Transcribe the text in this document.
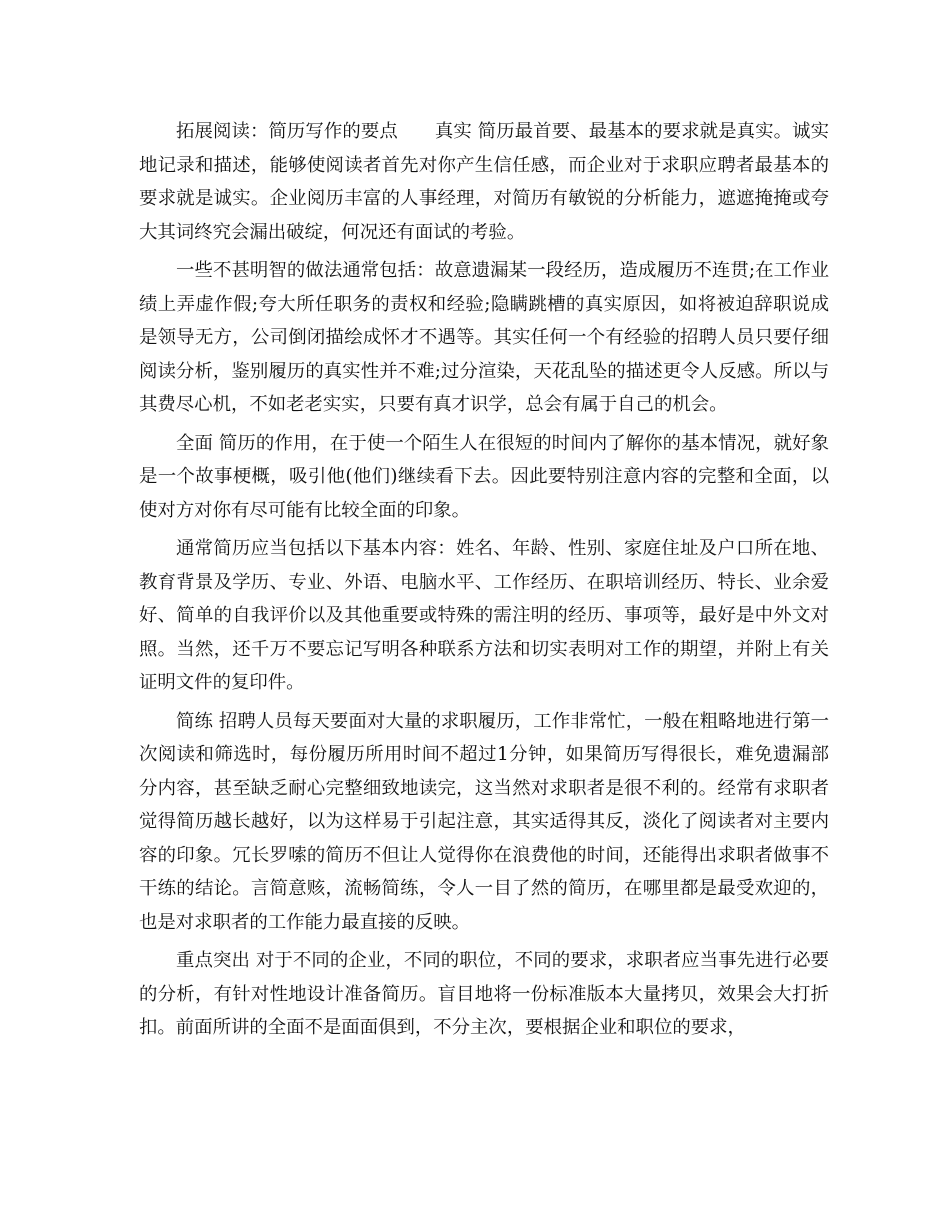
拓展阅读：简历写作的要点　　 真实 简历最首要、最基本的要求就是真实。诚实地记录和描述，能够使阅读者首先对你产生信任感，而企业对于求职应聘者最基本的要求就是诚实。企业阅历丰富的人事经理，对简历有敏锐的分析能力，遮遮掩掩或夸大其词终究会漏出破绽，何况还有面试的考验。

一些不甚明智的做法通常包括：故意遗漏某一段经历，造成履历不连贯;在工作业绩上弄虚作假;夸大所任职务的责权和经验;隐瞒跳槽的真实原因，如将被迫辞职说成是领导无方，公司倒闭描绘成怀才不遇等。其实任何一个有经验的招聘人员只要仔细阅读分析，鉴别履历的真实性并不难;过分渲染，天花乱坠的描述更令人反感。所以与其费尽心机，不如老老实实，只要有真才识学，总会有属于自己的机会。

全面 简历的作用，在于使一个陌生人在很短的时间内了解你的基本情况，就好象是一个故事梗概，吸引他(他们)继续看下去。因此要特别注意内容的完整和全面，以使对方对你有尽可能有比较全面的印象。

通常简历应当包括以下基本内容：姓名、年龄、性别、家庭住址及户口所在地、教育背景及学历、专业、外语、电脑水平、工作经历、在职培训经历、特长、业余爱好、简单的自我评价以及其他重要或特殊的需注明的经历、事项等，最好是中外文对照。当然，还千万不要忘记写明各种联系方法和切实表明对工作的期望，并附上有关证明文件的复印件。

简练 招聘人员每天要面对大量的求职履历，工作非常忙，一般在粗略地进行第一次阅读和筛选时，每份履历所用时间不超过1分钟，如果简历写得很长，难免遗漏部分内容，甚至缺乏耐心完整细致地读完，这当然对求职者是很不利的。经常有求职者觉得简历越长越好，以为这样易于引起注意，其实适得其反，淡化了阅读者对主要内容的印象。冗长罗嗦的简历不但让人觉得你在浪费他的时间，还能得出求职者做事不干练的结论。言简意赅，流畅简练，令人一目了然的简历，在哪里都是最受欢迎的，也是对求职者的工作能力最直接的反映。

重点突出 对于不同的企业，不同的职位，不同的要求，求职者应当事先进行必要的分析，有针对性地设计准备简历。盲目地将一份标准版本大量拷贝，效果会大打折扣。前面所讲的全面不是面面俱到，不分主次，要根据企业和职位的要求，
